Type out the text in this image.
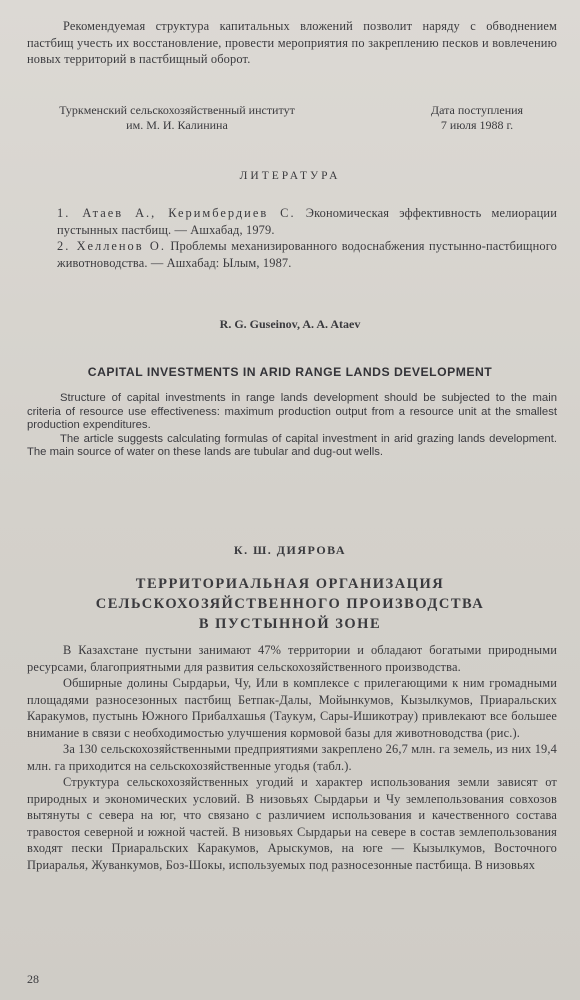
Рекомендуемая структура капитальных вложений позволит наряду с обводнением пастбищ учесть их восстановление, провести мероприятия по закреплению песков и вовлечению новых территорий в пастбищный оборот.

Туркменский сельскохозяйственный институт
им. М. И. Калинина
Дата поступления
7 июля 1988 г.
ЛИТЕРАТУРА

1. Атаев А., Керимбердиев С. Экономическая эффективность мелиорации пустынных пастбищ. — Ашхабад, 1979.

2. Хелленов О. Проблемы механизированного водоснабжения пустынно-пастбищного животноводства. — Ашхабад: Ылым, 1987.

R. G. Guseinov, A. A. Ataev
CAPITAL INVESTMENTS IN ARID RANGE LANDS DEVELOPMENT

Structure of capital investments in range lands development should be subjected to the main criteria of resource use effectiveness: maximum production output from a resource unit at the smallest production expenditures.

The article suggests calculating formulas of capital investment in arid grazing lands development. The main source of water on these lands are tubular and dug-out wells.

К. Ш. ДИЯРОВА
ТЕРРИТОРИАЛЬНАЯ ОРГАНИЗАЦИЯ
СЕЛЬСКОХОЗЯЙСТВЕННОГО ПРОИЗВОДСТВА
В ПУСТЫННОЙ ЗОНЕ

В Казахстане пустыни занимают 47% территории и обладают богатыми природными ресурсами, благоприятными для развития сельскохозяйственного производства.

Обширные долины Сырдарьи, Чу, Или в комплексе с прилегающими к ним громадными площадями разносезонных пастбищ Бетпак-Далы, Мойынкумов, Кызылкумов, Приаральских Каракумов, пустынь Южного Прибалхашья (Таукум, Сары-Ишикотрау) привлекают все большее внимание в связи с необходимостью улучшения кормовой базы для животноводства (рис.).

За 130 сельскохозяйственными предприятиями закреплено 26,7 млн. га земель, из них 19,4 млн. га приходится на сельскохозяйственные угодья (табл.).

Структура сельскохозяйственных угодий и характер использования земли зависят от природных и экономических условий. В низовьях Сырдарьи и Чу землепользования совхозов вытянуты с севера на юг, что связано с различием использования и качественного состава травостоя северной и южной частей. В низовьях Сырдарьи на севере в состав землепользования входят пески Приаральских Каракумов, Арыскумов, на юге — Кызылкумов, Восточного Приаралья, Жуванкумов, Боз-Шокы, используемых под разносезонные пастбища. В низовьях

28
